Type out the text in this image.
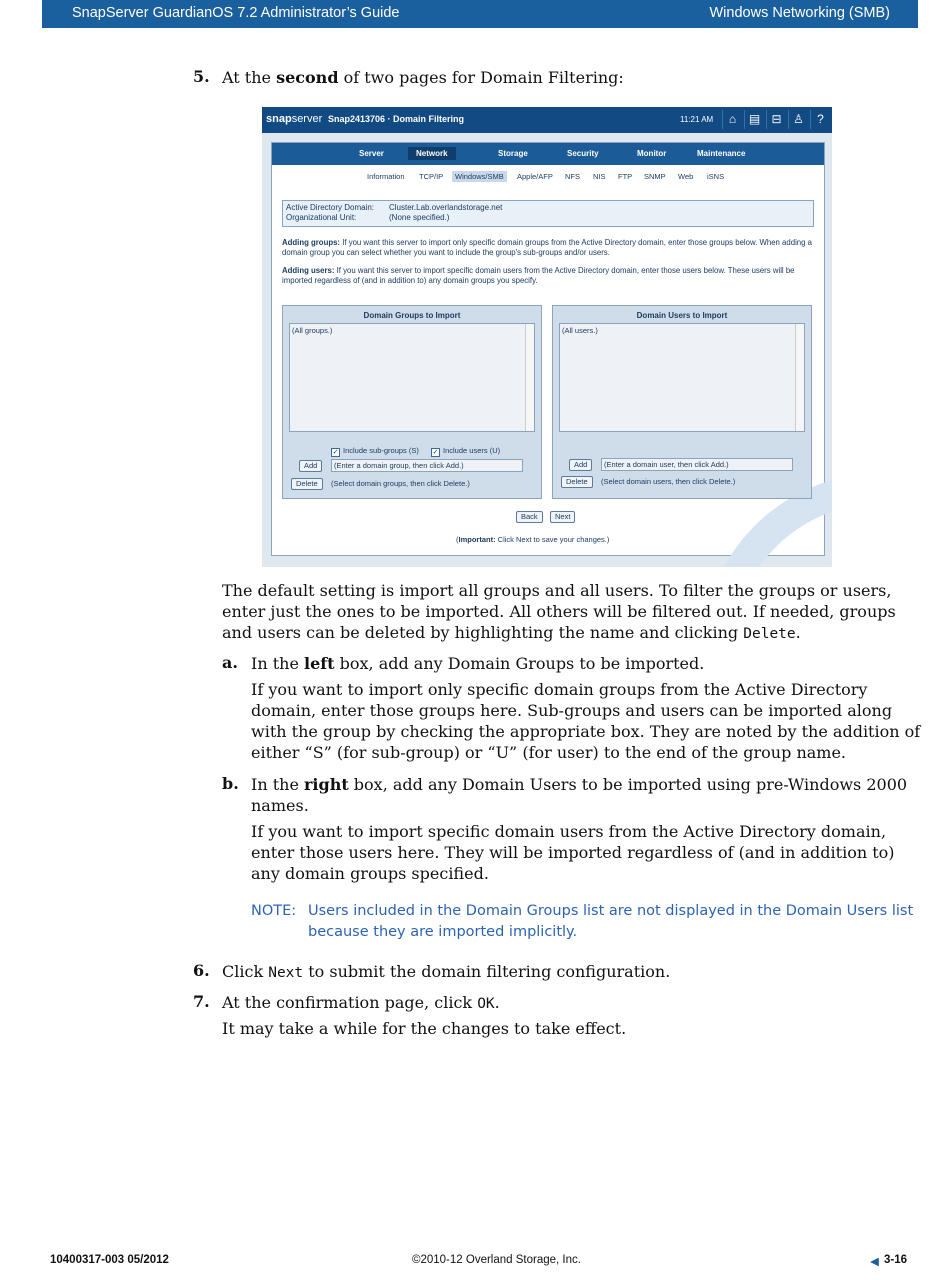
SnapServer GuardianOS 7.2 Administrator’s Guide	Windows Networking (SMB)
5. At the second of two pages for Domain Filtering:
snapserver Snap2413706 · Domain Filtering	11:21 AM	⌂	▤ ⊟ ♙	?
Server	Network	Storage	Security	Monitor	Maintenance
Information TCP/IP	Windows/SMB	Apple/AFP NFS NIS FTP SNMP Web iSNS
Active Directory Domain: Cluster.Lab.overlandstorage.net
Organizational Unit:	(None specified.)
Adding groups: If you want this server to import only specific domain groups from the Active Directory domain, enter those groups below. When adding a domain group you can select whether you want to include the group's sub-groups and/or users.
Adding users: If you want this server to import specific domain users from the Active Directory domain, enter those users below. These users will be imported regardless of (and in addition to) any domain groups you specify.
Domain Groups to Import
(All groups.)
✓ Include sub-groups (S) ✓ Include users (U)
Add	(Enter a domain group, then click Add.)
Delete	(Select domain groups, then click Delete.)
Domain Users to Import
(All users.)
Add	(Enter a domain user, then click Add.)
Delete	(Select domain users, then click Delete.)
Back	Next
(Important: Click Next to save your changes.)
The default setting is import all groups and all users. To filter the groups or users, enter just the ones to be imported. All others will be filtered out. If needed, groups and users can be deleted by highlighting the name and clicking Delete.
a. In the left box, add any Domain Groups to be imported.
If you want to import only specific domain groups from the Active Directory domain, enter those groups here. Sub-groups and users can be imported along with the group by checking the appropriate box. They are noted by the addition of either “S” (for sub-group) or “U” (for user) to the end of the group name.
b. In the right box, add any Domain Users to be imported using pre-Windows 2000 names.
If you want to import specific domain users from the Active Directory domain, enter those users here. They will be imported regardless of (and in addition to) any domain groups specified.
NOTE: Users included in the Domain Groups list are not displayed in the Domain Users list because they are imported implicitly.
6. Click Next to submit the domain filtering configuration.
7. At the confirmation page, click OK.
It may take a while for the changes to take effect.
10400317-003 05/2012	©2010-12 Overland Storage, Inc.	◀ 3-16
